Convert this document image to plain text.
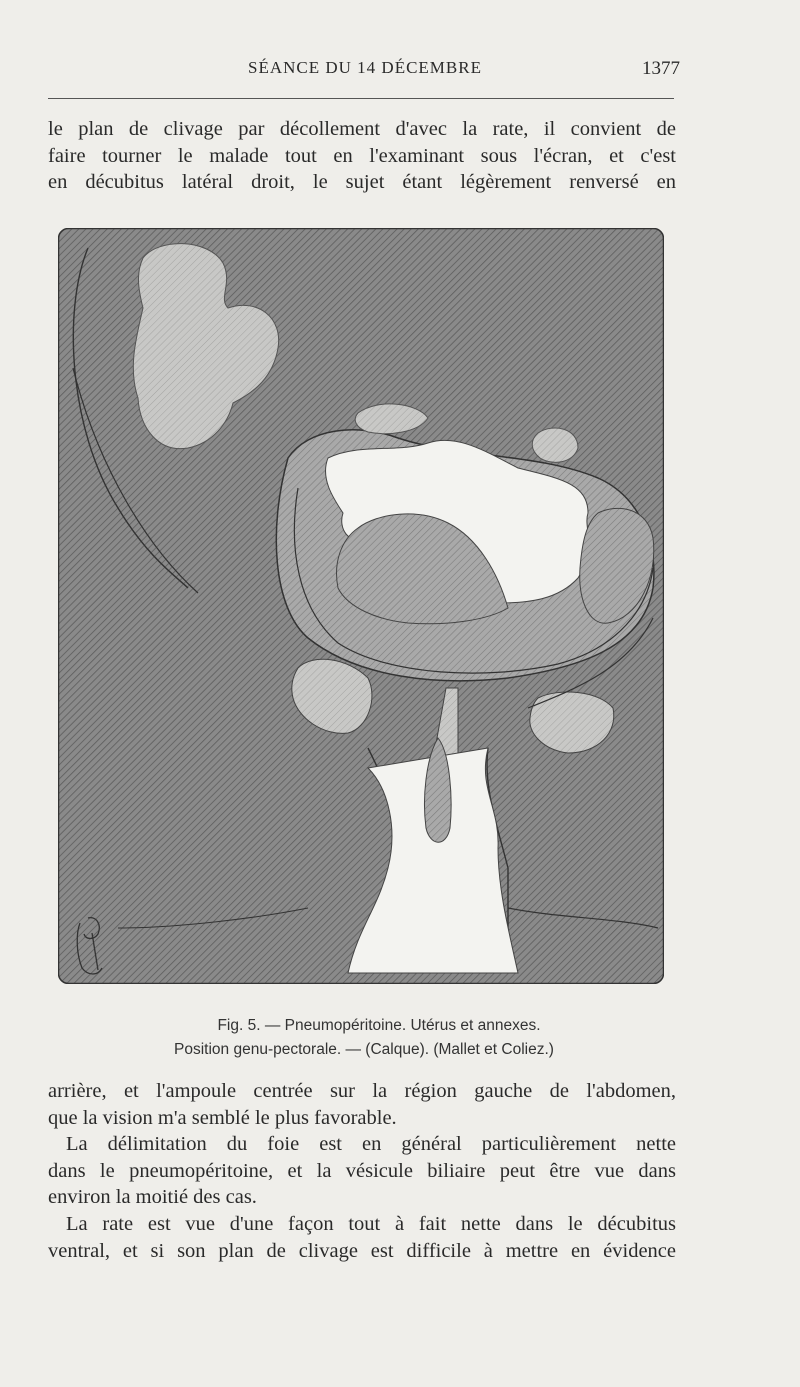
SÉANCE DU 14 DÉCEMBRE	1377

le plan de clivage par décollement d'avec la rate, il convient de
faire tourner le malade tout en l'examinant sous l'écran, et c'est
en décubitus latéral droit, le sujet étant légèrement renversé en

Fig. 5. — Pneumopéritoine. Utérus et annexes.
Position genu-pectorale. — (Calque). (Mallet et Coliez.)

arrière, et l'ampoule centrée sur la région gauche de l'abdomen,
que la vision m'a semblé le plus favorable.

La délimitation du foie est en général particulièrement nette
dans le pneumopéritoine, et la vésicule biliaire peut être vue dans
environ la moitié des cas.

La rate est vue d'une façon tout à fait nette dans le décubitus
ventral, et si son plan de clivage est difficile à mettre en évidence
